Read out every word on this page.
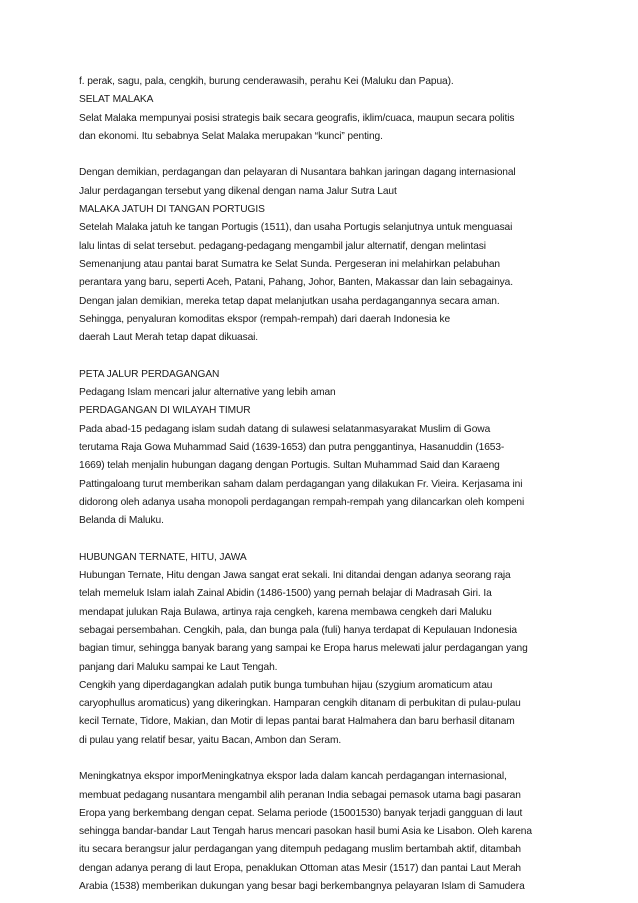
f. perak, sagu, pala, cengkih, burung cenderawasih, perahu Kei (Maluku dan Papua).
SELAT MALAKA
Selat Malaka mempunyai posisi strategis baik secara geografis, iklim/cuaca, maupun secara politis
dan ekonomi. Itu sebabnya Selat Malaka merupakan “kunci” penting.
Dengan demikian, perdagangan dan pelayaran di Nusantara bahkan jaringan dagang internasional
Jalur perdagangan tersebut yang dikenal dengan nama Jalur Sutra Laut
MALAKA JATUH DI TANGAN PORTUGIS
Setelah Malaka jatuh ke tangan Portugis (1511), dan usaha Portugis selanjutnya untuk menguasai
lalu lintas di selat tersebut. pedagang-pedagang mengambil jalur alternatif, dengan melintasi
Semenanjung atau pantai barat Sumatra ke Selat Sunda. Pergeseran ini melahirkan pelabuhan
perantara yang baru, seperti Aceh, Patani, Pahang, Johor, Banten, Makassar dan lain sebagainya.
Dengan jalan demikian, mereka tetap dapat melanjutkan usaha perdagangannya secara aman.
Sehingga, penyaluran komoditas ekspor (rempah-rempah) dari daerah Indonesia ke
daerah Laut Merah tetap dapat dikuasai.
PETA JALUR PERDAGANGAN
Pedagang Islam mencari jalur alternative yang lebih aman
PERDAGANGAN DI WILAYAH TIMUR
Pada abad-15 pedagang islam sudah datang di sulawesi selatanmasyarakat Muslim di Gowa
terutama Raja Gowa Muhammad Said (1639-1653) dan putra penggantinya, Hasanuddin (1653-
1669) telah menjalin hubungan dagang dengan Portugis. Sultan Muhammad Said dan Karaeng
Pattingaloang turut memberikan saham dalam perdagangan yang dilakukan Fr. Vieira. Kerjasama ini
didorong oleh adanya usaha monopoli perdagangan rempah-rempah yang dilancarkan oleh kompeni
Belanda di Maluku.
HUBUNGAN TERNATE, HITU, JAWA
Hubungan Ternate, Hitu dengan Jawa sangat erat sekali. Ini ditandai dengan adanya seorang raja
telah memeluk Islam ialah Zainal Abidin (1486-1500) yang pernah belajar di Madrasah Giri. Ia
mendapat julukan Raja Bulawa, artinya raja cengkeh, karena membawa cengkeh dari Maluku
sebagai persembahan. Cengkih, pala, dan bunga pala (fuli) hanya terdapat di Kepulauan Indonesia
bagian timur, sehingga banyak barang yang sampai ke Eropa harus melewati jalur perdagangan yang
panjang dari Maluku sampai ke Laut Tengah.
Cengkih yang diperdagangkan adalah putik bunga tumbuhan hijau (szygium aromaticum atau
caryophullus aromaticus) yang dikeringkan. Hamparan cengkih ditanam di perbukitan di pulau-pulau
kecil Ternate, Tidore, Makian, dan Motir di lepas pantai barat Halmahera dan baru berhasil ditanam
di pulau yang relatif besar, yaitu Bacan, Ambon dan Seram.
Meningkatnya ekspor imporMeningkatnya ekspor lada dalam kancah perdagangan internasional,
membuat pedagang nusantara mengambil alih peranan India sebagai pemasok utama bagi pasaran
Eropa yang berkembang dengan cepat. Selama periode (15001530) banyak terjadi gangguan di laut
sehingga bandar-bandar Laut Tengah harus mencari pasokan hasil bumi Asia ke Lisabon. Oleh karena
itu secara berangsur jalur perdagangan yang ditempuh pedagang muslim bertambah aktif, ditambah
dengan adanya perang di laut Eropa, penaklukan Ottoman atas Mesir (1517) dan pantai Laut Merah
Arabia (1538) memberikan dukungan yang besar bagi berkembangnya pelayaran Islam di Samudera
